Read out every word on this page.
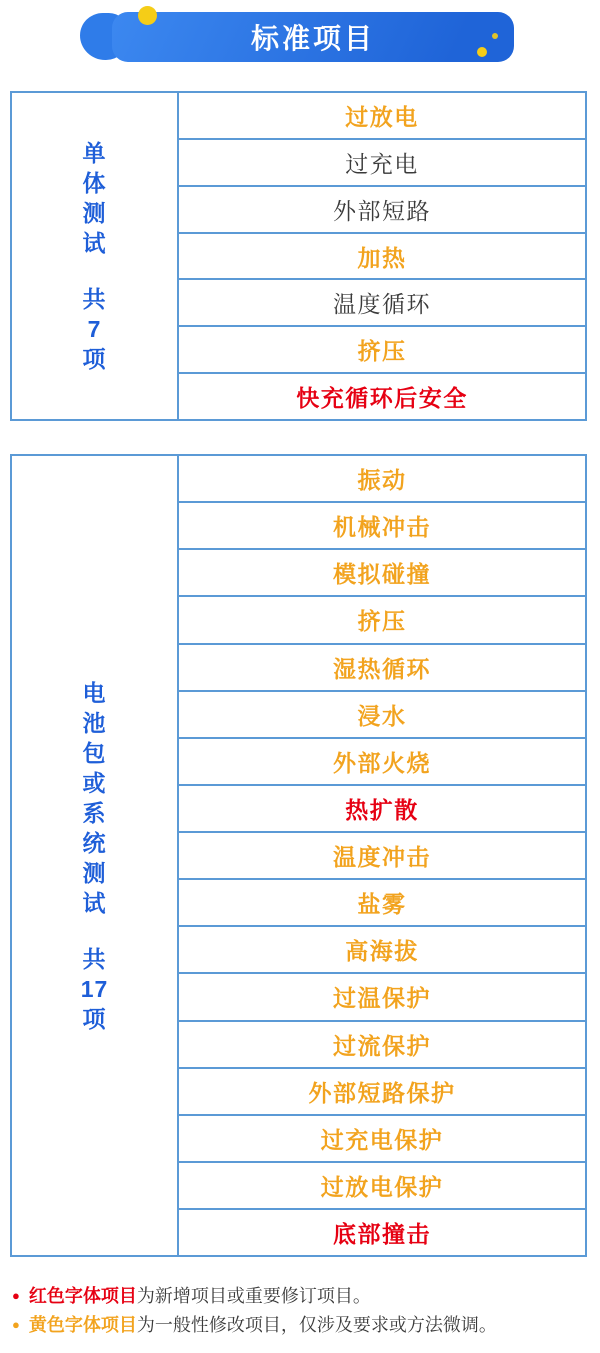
标准项目
单
体
测
试
共
7
项
过放电
过充电
外部短路
加热
温度循环
挤压
快充循环后安全
电
池
包
或
系
统
测
试
共
17
项
振动
机械冲击
模拟碰撞
挤压
湿热循环
浸水
外部火烧
热扩散
温度冲击
盐雾
高海拔
过温保护
过流保护
外部短路保护
过充电保护
过放电保护
底部撞击
● 红色字体项目 为新增项目或重要修订项目。
● 黄色字体项目 为一般性修改项目，仅涉及要求或方法微调。
